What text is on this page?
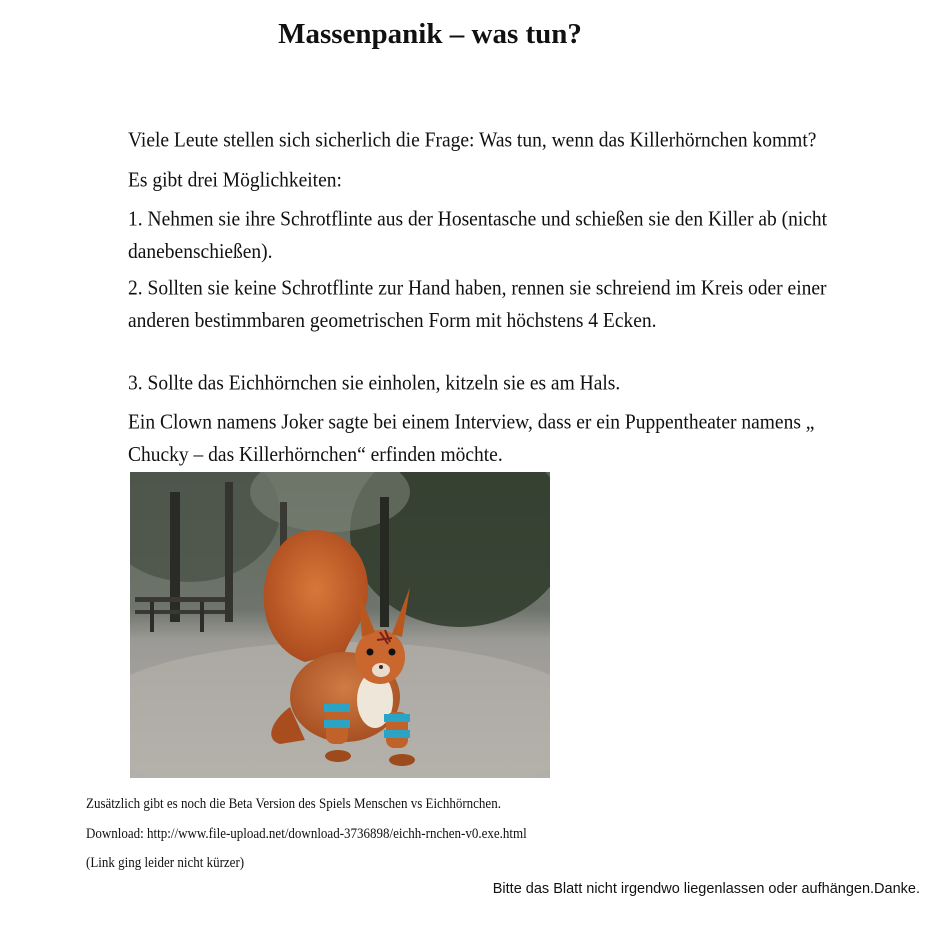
Massenpanik – was tun?

Viele Leute stellen sich sicherlich die Frage: Was tun, wenn das Killerhörnchen kommt?

Es gibt drei Möglichkeiten:

1. Nehmen sie ihre Schrotflinte aus der Hosentasche und schießen sie den Killer ab (nicht danebenschießen).

2. Sollten sie keine Schrotflinte zur Hand haben, rennen sie schreiend im Kreis oder einer anderen bestimmbaren geometrischen Form mit höchstens 4 Ecken.

3. Sollte das Eichhörnchen sie einholen, kitzeln sie es am Hals.

Ein Clown namens Joker sagte bei einem Interview, dass er ein Puppentheater namens „ Chucky – das Killerhörnchen“ erfinden möchte.

Zusätzlich gibt es noch die Beta Version des Spiels Menschen vs Eichhörnchen.

Download: http://www.file-upload.net/download-3736898/eichh-rnchen-v0.exe.html

(Link ging leider nicht kürzer)

Bitte das Blatt nicht irgendwo liegenlassen oder aufhängen.Danke.
